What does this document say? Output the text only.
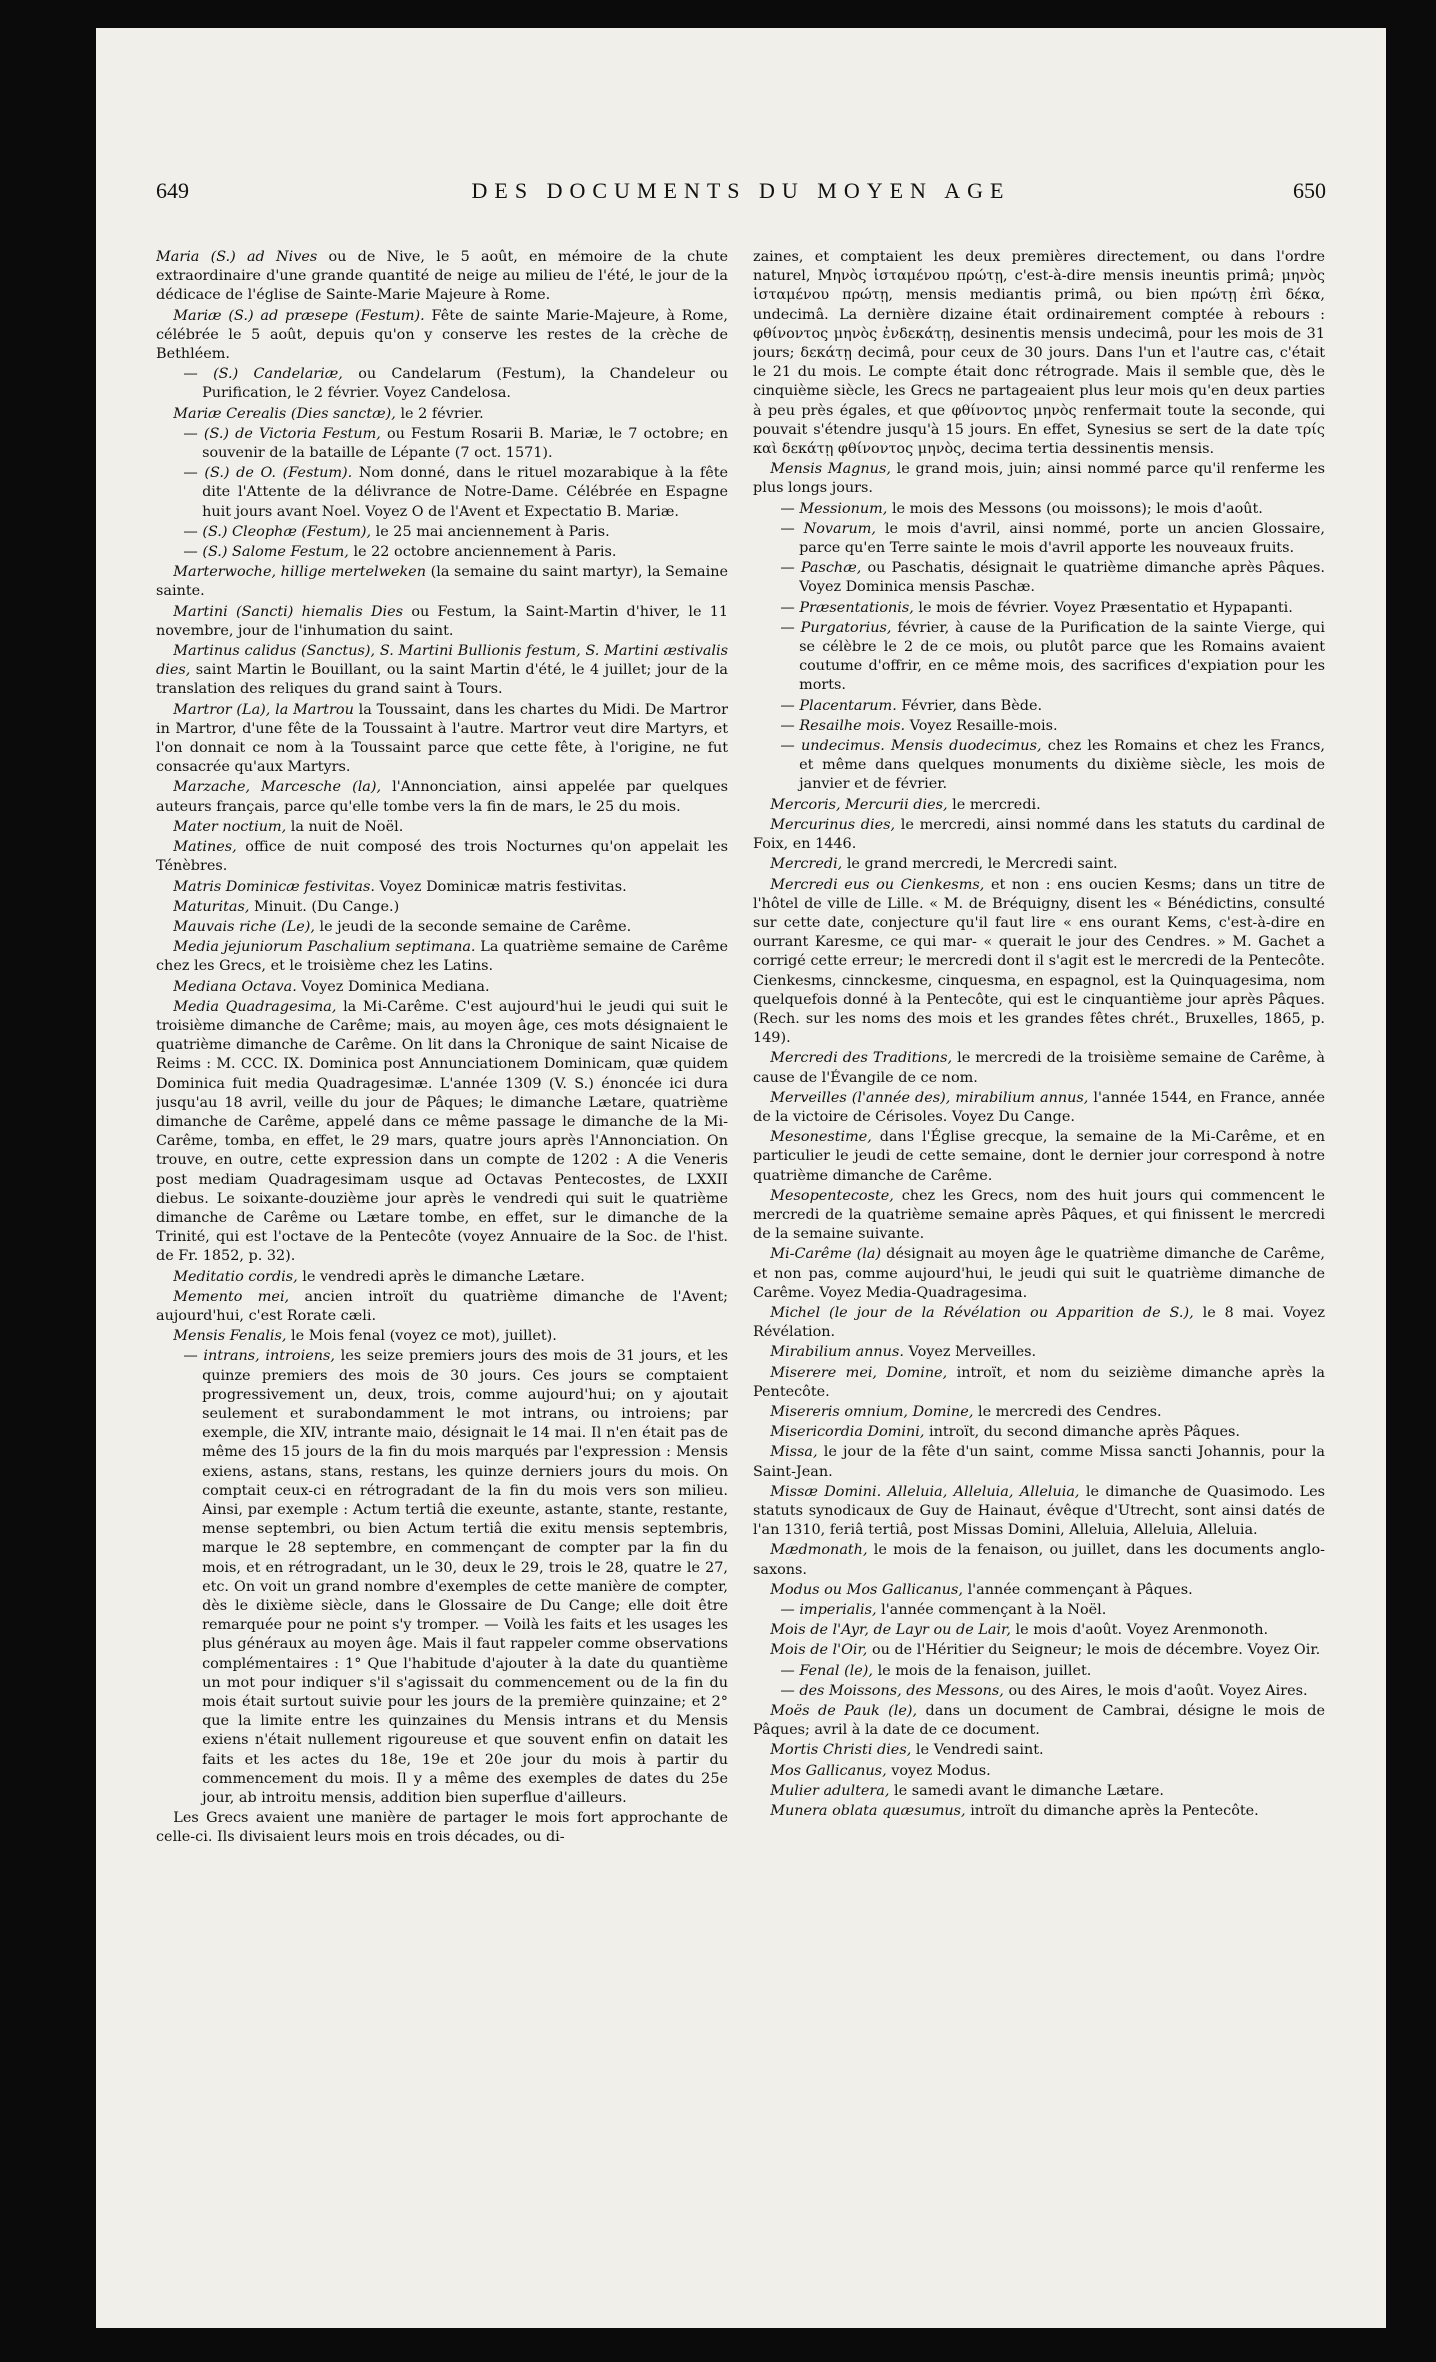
649	DES DOCUMENTS DU MOYEN AGE	650

Maria (S.) ad Nives ou de Nive, le 5 août, en mémoire de la chute extraordinaire d'une grande quantité de neige au milieu de l'été, le jour de la dédicace de l'église de Sainte-Marie Majeure à Rome.

Mariæ (S.) ad præsepe (Festum). Fête de sainte Marie-Majeure, à Rome, célébrée le 5 août, depuis qu'on y conserve les restes de la crèche de Bethléem.

— (S.) Candelariæ, ou Candelarum (Festum), la Chandeleur ou Purification, le 2 février. Voyez Candelosa.

Mariæ Cerealis (Dies sanctæ), le 2 février.

— (S.) de Victoria Festum, ou Festum Rosarii B. Mariæ, le 7 octobre; en souvenir de la bataille de Lépante (7 oct. 1571).

— (S.) de O. (Festum). Nom donné, dans le rituel mozarabique à la fête dite l'Attente de la délivrance de Notre-Dame. Célébrée en Espagne huit jours avant Noel. Voyez O de l'Avent et Expectatio B. Mariæ.

— (S.) Cleophæ (Festum), le 25 mai anciennement à Paris.

— (S.) Salome Festum, le 22 octobre anciennement à Paris.

Marterwoche, hillige mertelweken (la semaine du saint martyr), la Semaine sainte.

Martini (Sancti) hiemalis Dies ou Festum, la Saint-Martin d'hiver, le 11 novembre, jour de l'inhumation du saint.

Martinus calidus (Sanctus), S. Martini Bullionis festum, S. Martini æstivalis dies, saint Martin le Bouillant, ou la saint Martin d'été, le 4 juillet; jour de la translation des reliques du grand saint à Tours.

Martror (La), la Martrou la Toussaint, dans les chartes du Midi. De Martror in Martror, d'une fête de la Toussaint à l'autre. Martror veut dire Martyrs, et l'on donnait ce nom à la Toussaint parce que cette fête, à l'origine, ne fut consacrée qu'aux Martyrs.

Marzache, Marcesche (la), l'Annonciation, ainsi appelée par quelques auteurs français, parce qu'elle tombe vers la fin de mars, le 25 du mois.

Mater noctium, la nuit de Noël.

Matines, office de nuit composé des trois Nocturnes qu'on appelait les Ténèbres.

Matris Dominicæ festivitas. Voyez Dominicæ matris festivitas.

Maturitas, Minuit. (Du Cange.)

Mauvais riche (Le), le jeudi de la seconde semaine de Carême.

Media jejuniorum Paschalium septimana. La quatrième semaine de Carême chez les Grecs, et le troisième chez les Latins.

Mediana Octava. Voyez Dominica Mediana.

Media Quadragesima, la Mi-Carême. C'est aujourd'hui le jeudi qui suit le troisième dimanche de Carême; mais, au moyen âge, ces mots désignaient le quatrième dimanche de Carême. On lit dans la Chronique de saint Nicaise de Reims : M. CCC. IX. Dominica post Annunciationem Dominicam, quæ quidem Dominica fuit media Quadragesimæ. L'année 1309 (V. S.) énoncée ici dura jusqu'au 18 avril, veille du jour de Pâques; le dimanche Lætare, quatrième dimanche de Carême, appelé dans ce même passage le dimanche de la Mi-Carême, tomba, en effet, le 29 mars, quatre jours après l'Annonciation. On trouve, en outre, cette expression dans un compte de 1202 : A die Veneris post mediam Quadragesimam usque ad Octavas Pentecostes, de LXXII diebus. Le soixante-douzième jour après le vendredi qui suit le quatrième dimanche de Carême ou Lætare tombe, en effet, sur le dimanche de la Trinité, qui est l'octave de la Pentecôte (voyez Annuaire de la Soc. de l'hist. de Fr. 1852, p. 32).

Meditatio cordis, le vendredi après le dimanche Lætare.

Memento mei, ancien introït du quatrième dimanche de l'Avent; aujourd'hui, c'est Rorate cæli.

Mensis Fenalis, le Mois fenal (voyez ce mot), juillet).

— intrans, introiens, les seize premiers jours des mois de 31 jours, et les quinze premiers des mois de 30 jours. Ces jours se comptaient progressivement un, deux, trois, comme aujourd'hui; on y ajoutait seulement et surabondamment le mot intrans, ou introiens; par exemple, die XIV, intrante maio, désignait le 14 mai. Il n'en était pas de même des 15 jours de la fin du mois marqués par l'expression : Mensis exiens, astans, stans, restans, les quinze derniers jours du mois. On comptait ceux-ci en rétrogradant de la fin du mois vers son milieu. Ainsi, par exemple : Actum tertiâ die exeunte, astante, stante, restante, mense septembri, ou bien Actum tertiâ die exitu mensis septembris, marque le 28 septembre, en commençant de compter par la fin du mois, et en rétrogradant, un le 30, deux le 29, trois le 28, quatre le 27, etc. On voit un grand nombre d'exemples de cette manière de compter, dès le dixième siècle, dans le Glossaire de Du Cange; elle doit être remarquée pour ne point s'y tromper. — Voilà les faits et les usages les plus généraux au moyen âge. Mais il faut rappeler comme observations complémentaires : 1° Que l'habitude d'ajouter à la date du quantième un mot pour indiquer s'il s'agissait du commencement ou de la fin du mois était surtout suivie pour les jours de la première quinzaine; et 2° que la limite entre les quinzaines du Mensis intrans et du Mensis exiens n'était nullement rigoureuse et que souvent enfin on datait les faits et les actes du 18e, 19e et 20e jour du mois à partir du commencement du mois. Il y a même des exemples de dates du 25e jour, ab introitu mensis, addition bien superflue d'ailleurs.

Les Grecs avaient une manière de partager le mois fort approchante de celle-ci. Ils divisaient leurs mois en trois décades, ou di-

zaines, et comptaient les deux premières directement, ou dans l'ordre naturel, Μηνὸς ἱσταμένου πρώτῃ, c'est-à-dire mensis ineuntis primâ; μηνὸς ἱσταμένου πρώτῃ, mensis mediantis primâ, ou bien πρώτῃ ἐπὶ δέκα, undecimâ. La dernière dizaine était ordinairement comptée à rebours : φθίνοντος μηνὸς ἐνδεκάτῃ, desinentis mensis undecimâ, pour les mois de 31 jours; δεκάτῃ decimâ, pour ceux de 30 jours. Dans l'un et l'autre cas, c'était le 21 du mois. Le compte était donc rétrograde. Mais il semble que, dès le cinquième siècle, les Grecs ne partageaient plus leur mois qu'en deux parties à peu près égales, et que φθίνοντος μηνὸς renfermait toute la seconde, qui pouvait s'étendre jusqu'à 15 jours. En effet, Synesius se sert de la date τρίς καὶ δεκάτῃ φθίνοντος μηνὸς, decima tertia dessinentis mensis.

Mensis Magnus, le grand mois, juin; ainsi nommé parce qu'il renferme les plus longs jours.

— Messionum, le mois des Messons (ou moissons); le mois d'août.

— Novarum, le mois d'avril, ainsi nommé, porte un ancien Glossaire, parce qu'en Terre sainte le mois d'avril apporte les nouveaux fruits.

— Paschæ, ou Paschatis, désignait le quatrième dimanche après Pâques. Voyez Dominica mensis Paschæ.

— Præsentationis, le mois de février. Voyez Præsentatio et Hypapanti.

— Purgatorius, février, à cause de la Purification de la sainte Vierge, qui se célèbre le 2 de ce mois, ou plutôt parce que les Romains avaient coutume d'offrir, en ce même mois, des sacrifices d'expiation pour les morts.

— Placentarum. Février, dans Bède.

— Resailhe mois. Voyez Resaille-mois.

— undecimus. Mensis duodecimus, chez les Romains et chez les Francs, et même dans quelques monuments du dixième siècle, les mois de janvier et de février.

Mercoris, Mercurii dies, le mercredi.

Mercurinus dies, le mercredi, ainsi nommé dans les statuts du cardinal de Foix, en 1446.

Mercredi, le grand mercredi, le Mercredi saint.

Mercredi eus ou Cienkesms, et non : ens oucien Kesms; dans un titre de l'hôtel de ville de Lille. « M. de Bréquigny, disent les « Bénédictins, consulté sur cette date, conjecture qu'il faut lire « ens ourant Kems, c'est-à-dire en ourrant Karesme, ce qui mar- « querait le jour des Cendres. » M. Gachet a corrigé cette erreur; le mercredi dont il s'agit est le mercredi de la Pentecôte. Cienkesms, cinnckesme, cinquesma, en espagnol, est la Quinquagesima, nom quelquefois donné à la Pentecôte, qui est le cinquantième jour après Pâques. (Rech. sur les noms des mois et les grandes fêtes chrét., Bruxelles, 1865, p. 149).

Mercredi des Traditions, le mercredi de la troisième semaine de Carême, à cause de l'Évangile de ce nom.

Merveilles (l'année des), mirabilium annus, l'année 1544, en France, année de la victoire de Cérisoles. Voyez Du Cange.

Mesonestime, dans l'Église grecque, la semaine de la Mi-Carême, et en particulier le jeudi de cette semaine, dont le dernier jour correspond à notre quatrième dimanche de Carême.

Mesopentecoste, chez les Grecs, nom des huit jours qui commencent le mercredi de la quatrième semaine après Pâques, et qui finissent le mercredi de la semaine suivante.

Mi-Carême (la) désignait au moyen âge le quatrième dimanche de Carême, et non pas, comme aujourd'hui, le jeudi qui suit le quatrième dimanche de Carême. Voyez Media-Quadragesima.

Michel (le jour de la Révélation ou Apparition de S.), le 8 mai. Voyez Révélation.

Mirabilium annus. Voyez Merveilles.

Miserere mei, Domine, introït, et nom du seizième dimanche après la Pentecôte.

Misereris omnium, Domine, le mercredi des Cendres.

Misericordia Domini, introït, du second dimanche après Pâques.

Missa, le jour de la fête d'un saint, comme Missa sancti Johannis, pour la Saint-Jean.

Missæ Domini. Alleluia, Alleluia, Alleluia, le dimanche de Quasimodo. Les statuts synodicaux de Guy de Hainaut, évêque d'Utrecht, sont ainsi datés de l'an 1310, feriâ tertiâ, post Missas Domini, Alleluia, Alleluia, Alleluia.

Mædmonath, le mois de la fenaison, ou juillet, dans les documents anglo-saxons.

Modus ou Mos Gallicanus, l'année commençant à Pâques.

— imperialis, l'année commençant à la Noël.

Mois de l'Ayr, de Layr ou de Lair, le mois d'août. Voyez Arenmonoth.

Mois de l'Oir, ou de l'Héritier du Seigneur; le mois de décembre. Voyez Oir.

— Fenal (le), le mois de la fenaison, juillet.

— des Moissons, des Messons, ou des Aires, le mois d'août. Voyez Aires.

Moës de Pauk (le), dans un document de Cambrai, désigne le mois de Pâques; avril à la date de ce document.

Mortis Christi dies, le Vendredi saint.

Mos Gallicanus, voyez Modus.

Mulier adultera, le samedi avant le dimanche Lætare.

Munera oblata quæsumus, introït du dimanche après la Pentecôte.
